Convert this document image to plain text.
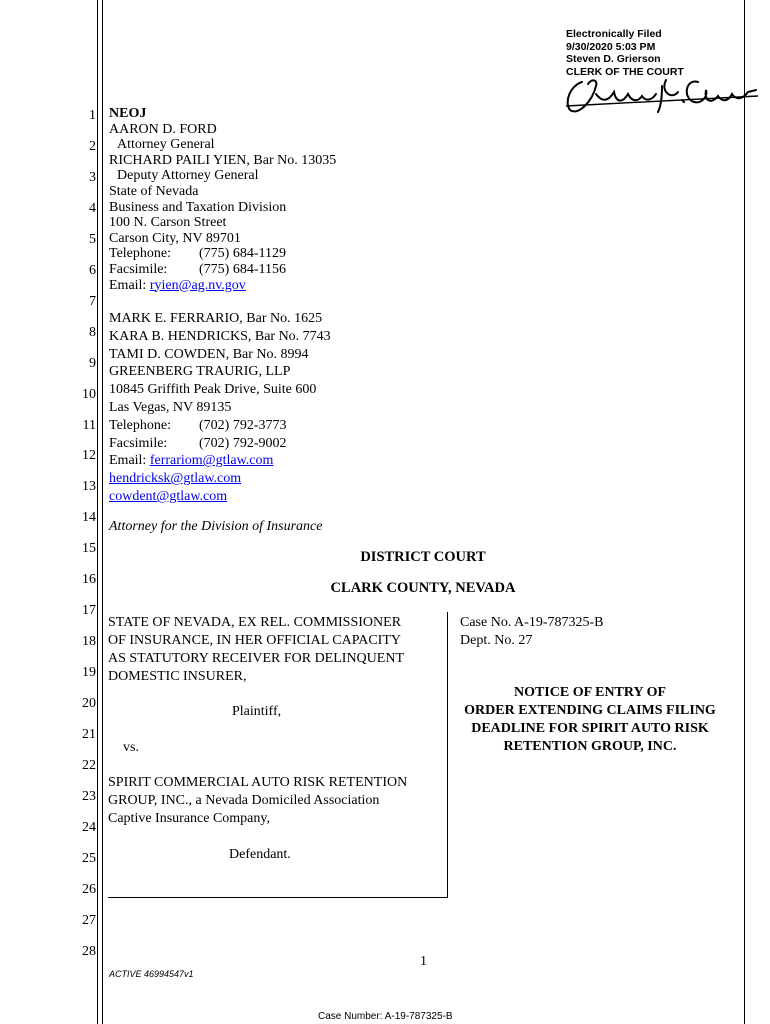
Electronically Filed
9/30/2020 5:03 PM
Steven D. Grierson
CLERK OF THE COURT
1
2
3
4
5
6
7
8
9
10
11
12
13
14
15
16
17
18
19
20
21
22
23
24
25
26
27
28
NEOJ
AARON D. FORD
Attorney General
RICHARD PAILI YIEN, Bar No. 13035
Deputy Attorney General
State of Nevada
Business and Taxation Division
100 N. Carson Street
Carson City, NV 89701
Telephone: (775) 684-1129
Facsimile: (775) 684-1156
Email: ryien@ag.nv.gov
MARK E. FERRARIO, Bar No. 1625
KARA B. HENDRICKS, Bar No. 7743
TAMI D. COWDEN, Bar No. 8994
GREENBERG TRAURIG, LLP
10845 Griffith Peak Drive, Suite 600
Las Vegas, NV 89135
Telephone: (702) 792-3773
Facsimile: (702) 792-9002
Email: ferrariom@gtlaw.com
hendricksk@gtlaw.com
cowdent@gtlaw.com
Attorney for the Division of Insurance
DISTRICT COURT
CLARK COUNTY, NEVADA
STATE OF NEVADA, EX REL. COMMISSIONER
OF INSURANCE, IN HER OFFICIAL CAPACITY
AS STATUTORY RECEIVER FOR DELINQUENT
DOMESTIC INSURER,
Plaintiff,
vs.
SPIRIT COMMERCIAL AUTO RISK RETENTION
GROUP, INC., a Nevada Domiciled Association
Captive Insurance Company,
Defendant.
Case No. A-19-787325-B
Dept. No. 27
NOTICE OF ENTRY OF
ORDER EXTENDING CLAIMS FILING
DEADLINE FOR SPIRIT AUTO RISK
RETENTION GROUP, INC.
1
ACTIVE 46994547v1
Case Number: A-19-787325-B
